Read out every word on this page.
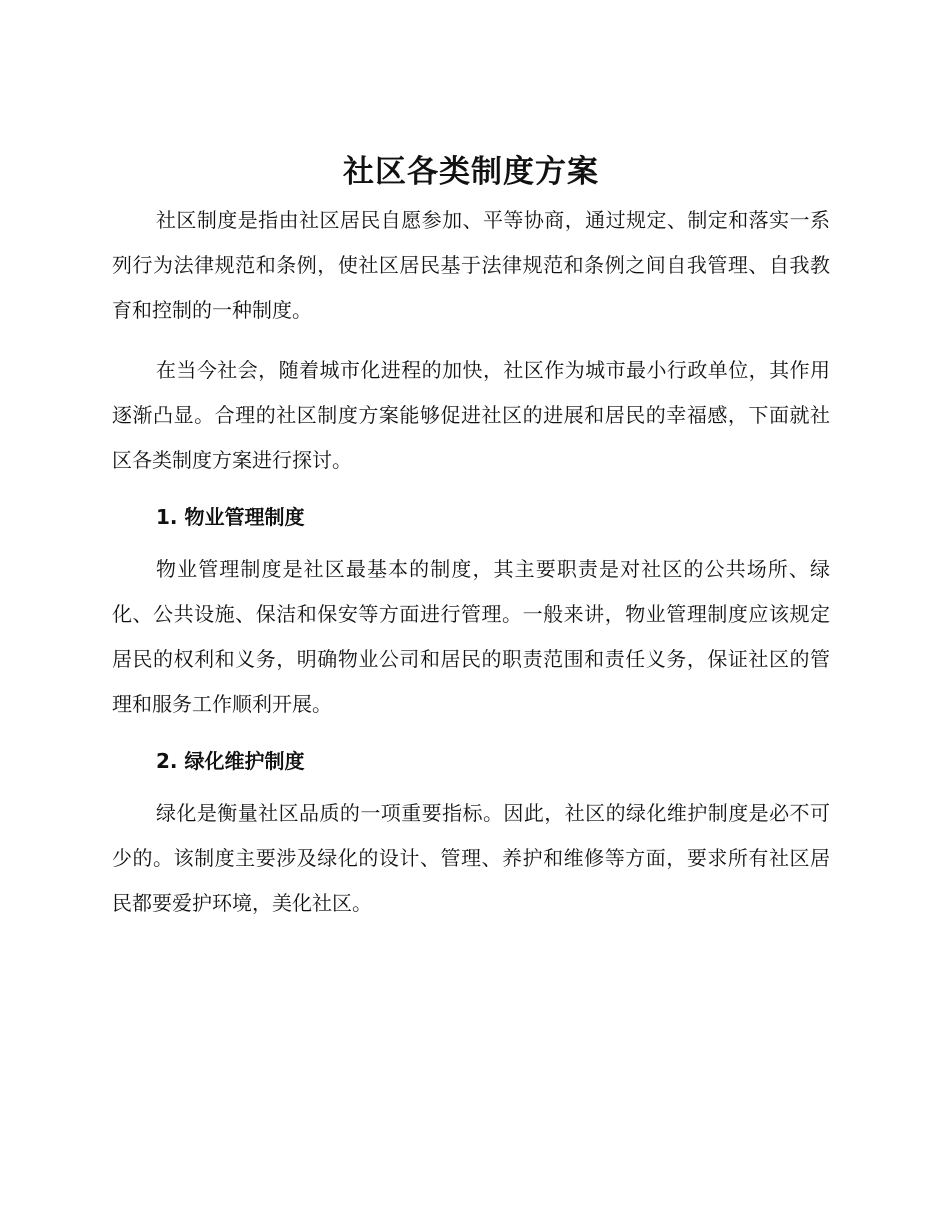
社区各类制度方案

社区制度是指由社区居民自愿参加、平等协商，通过规定、制定和落实一系列行为法律规范和条例，使社区居民基于法律规范和条例之间自我管理、自我教育和控制的一种制度。

在当今社会，随着城市化进程的加快，社区作为城市最小行政单位，其作用逐渐凸显。合理的社区制度方案能够促进社区的进展和居民的幸福感，下面就社区各类制度方案进行探讨。

1. 物业管理制度

物业管理制度是社区最基本的制度，其主要职责是对社区的公共场所、绿化、公共设施、保洁和保安等方面进行管理。一般来讲，物业管理制度应该规定居民的权利和义务，明确物业公司和居民的职责范围和责任义务，保证社区的管理和服务工作顺利开展。

2. 绿化维护制度

绿化是衡量社区品质的一项重要指标。因此，社区的绿化维护制度是必不可少的。该制度主要涉及绿化的设计、管理、养护和维修等方面，要求所有社区居民都要爱护环境，美化社区。
